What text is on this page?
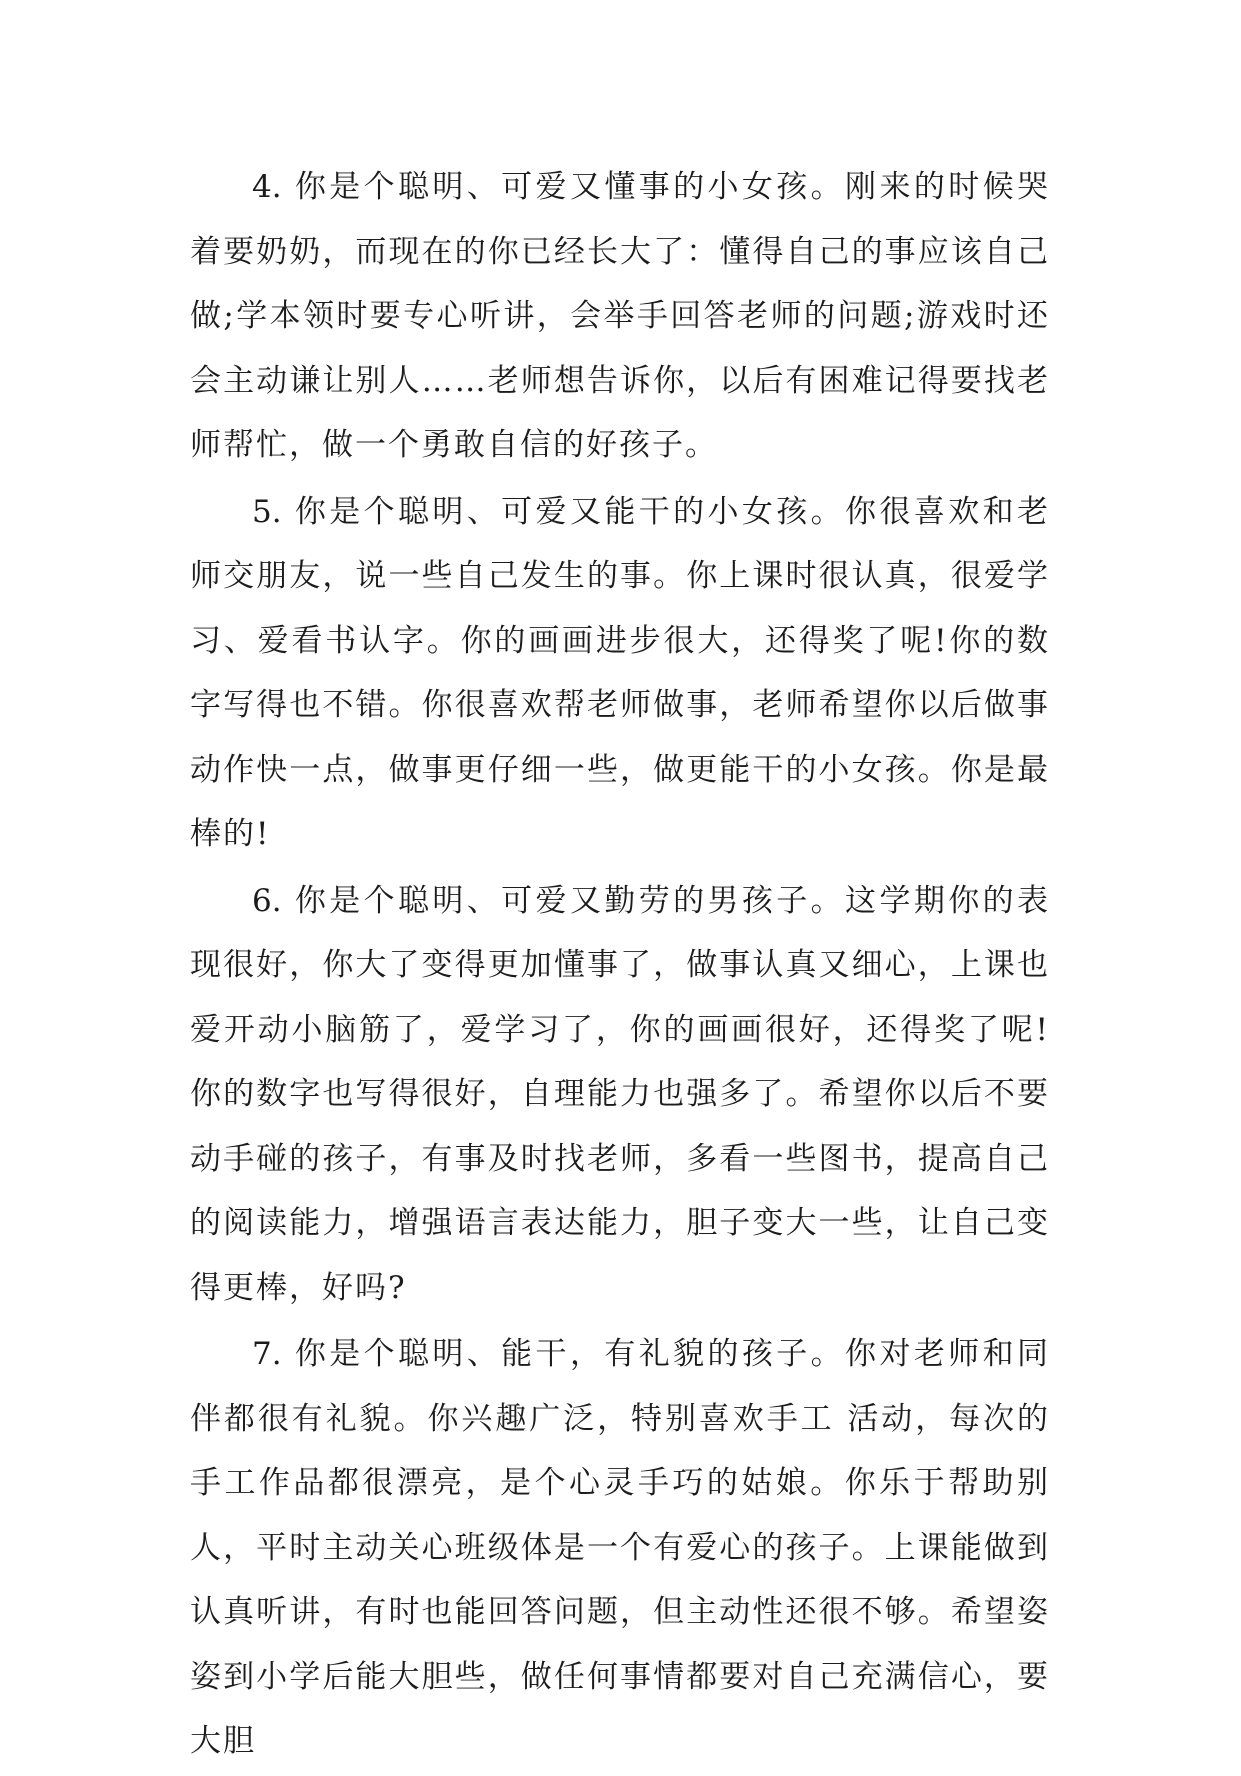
4. 你是个聪明、可爱又懂事的小女孩。刚来的时候哭着要奶奶，而现在的你已经长大了：懂得自己的事应该自己做;学本领时要专心听讲，会举手回答老师的问题;游戏时还会主动谦让别人……老师想告诉你，以后有困难记得要找老师帮忙，做一个勇敢自信的好孩子。

5. 你是个聪明、可爱又能干的小女孩。你很喜欢和老师交朋友，说一些自己发生的事。你上课时很认真，很爱学习、爱看书认字。你的画画进步很大，还得奖了呢!你的数字写得也不错。你很喜欢帮老师做事，老师希望你以后做事动作快一点，做事更仔细一些，做更能干的小女孩。你是最棒的!

6. 你是个聪明、可爱又勤劳的男孩子。这学期你的表现很好，你大了变得更加懂事了，做事认真又细心，上课也爱开动小脑筋了，爱学习了，你的画画很好，还得奖了呢!你的数字也写得很好，自理能力也强多了。希望你以后不要动手碰的孩子，有事及时找老师，多看一些图书，提高自己的阅读能力，增强语言表达能力，胆子变大一些，让自己变得更棒，好吗?

7. 你是个聪明、能干，有礼貌的孩子。你对老师和同伴都很有礼貌。你兴趣广泛，特别喜欢手工 活动，每次的手工作品都很漂亮，是个心灵手巧的姑娘。你乐于帮助别人，平时主动关心班级体是一个有爱心的孩子。上课能做到认真听讲，有时也能回答问题，但主动性还很不够。希望姿姿到小学后能大胆些，做任何事情都要对自己充满信心，要大胆
